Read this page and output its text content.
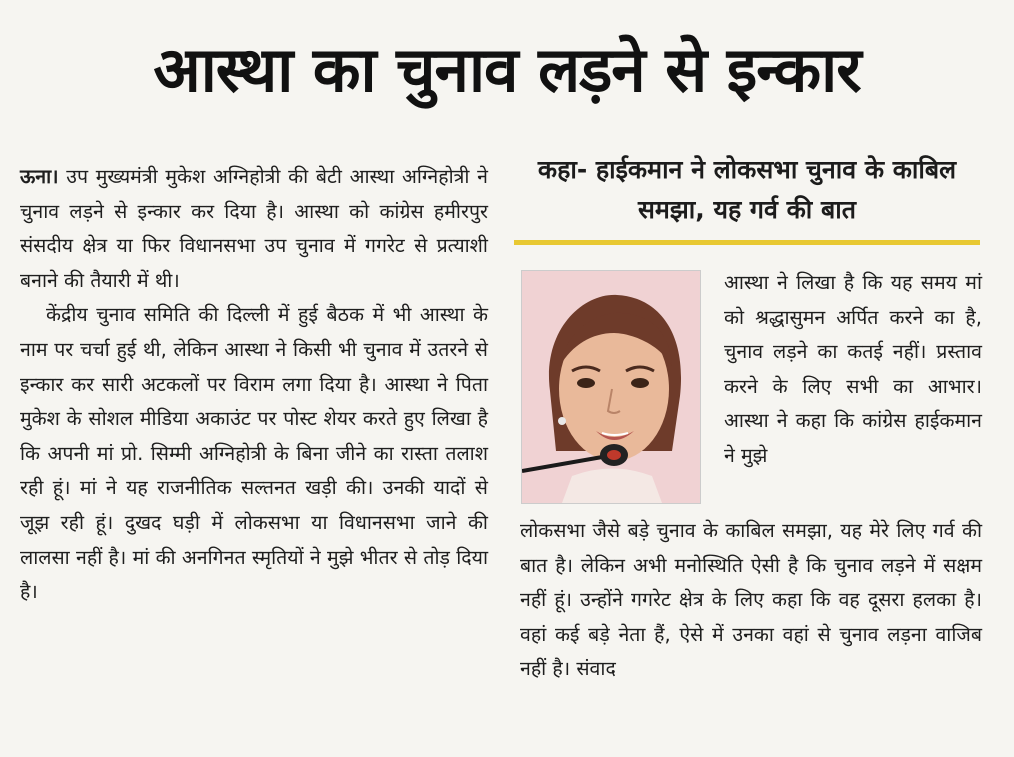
आस्था का चुनाव लड़ने से इन्कार

ऊना। उप मुख्यमंत्री मुकेश अग्निहोत्री की बेटी आस्था अग्निहोत्री ने चुनाव लड़ने से इन्कार कर दिया है। आस्था को कांग्रेस हमीरपुर संसदीय क्षेत्र या फिर विधानसभा उप चुनाव में गगरेट से प्रत्याशी बनाने की तैयारी में थी।

केंद्रीय चुनाव समिति की दिल्ली में हुई बैठक में भी आस्था के नाम पर चर्चा हुई थी, लेकिन आस्था ने किसी भी चुनाव में उतरने से इन्कार कर सारी अटकलों पर विराम लगा दिया है। आस्था ने पिता मुकेश के सोशल मीडिया अकाउंट पर पोस्ट शेयर करते हुए लिखा है कि अपनी मां प्रो. सिम्मी अग्निहोत्री के बिना जीने का रास्ता तलाश रही हूं। मां ने यह राजनीतिक सल्तनत खड़ी की। उनकी यादों से जूझ रही हूं। दुखद घड़ी में लोकसभा या विधानसभा जाने की लालसा नहीं है। मां की अनगिनत स्मृतियों ने मुझे भीतर से तोड़ दिया है।

कहा- हाईकमान ने लोकसभा चुनाव के काबिल समझा, यह गर्व की बात

आस्था ने लिखा है कि यह समय मां को श्रद्धासुमन अर्पित करने का है, चुनाव लड़ने का कतई नहीं। प्रस्ताव करने के लिए सभी का आभार। आस्था ने कहा कि कांग्रेस हाईकमान ने मुझे

लोकसभा जैसे बड़े चुनाव के काबिल समझा, यह मेरे लिए गर्व की बात है। लेकिन अभी मनोस्थिति ऐसी है कि चुनाव लड़ने में सक्षम नहीं हूं। उन्होंने गगरेट क्षेत्र के लिए कहा कि वह दूसरा हलका है। वहां कई बड़े नेता हैं, ऐसे में उनका वहां से चुनाव लड़ना वाजिब नहीं है। संवाद
